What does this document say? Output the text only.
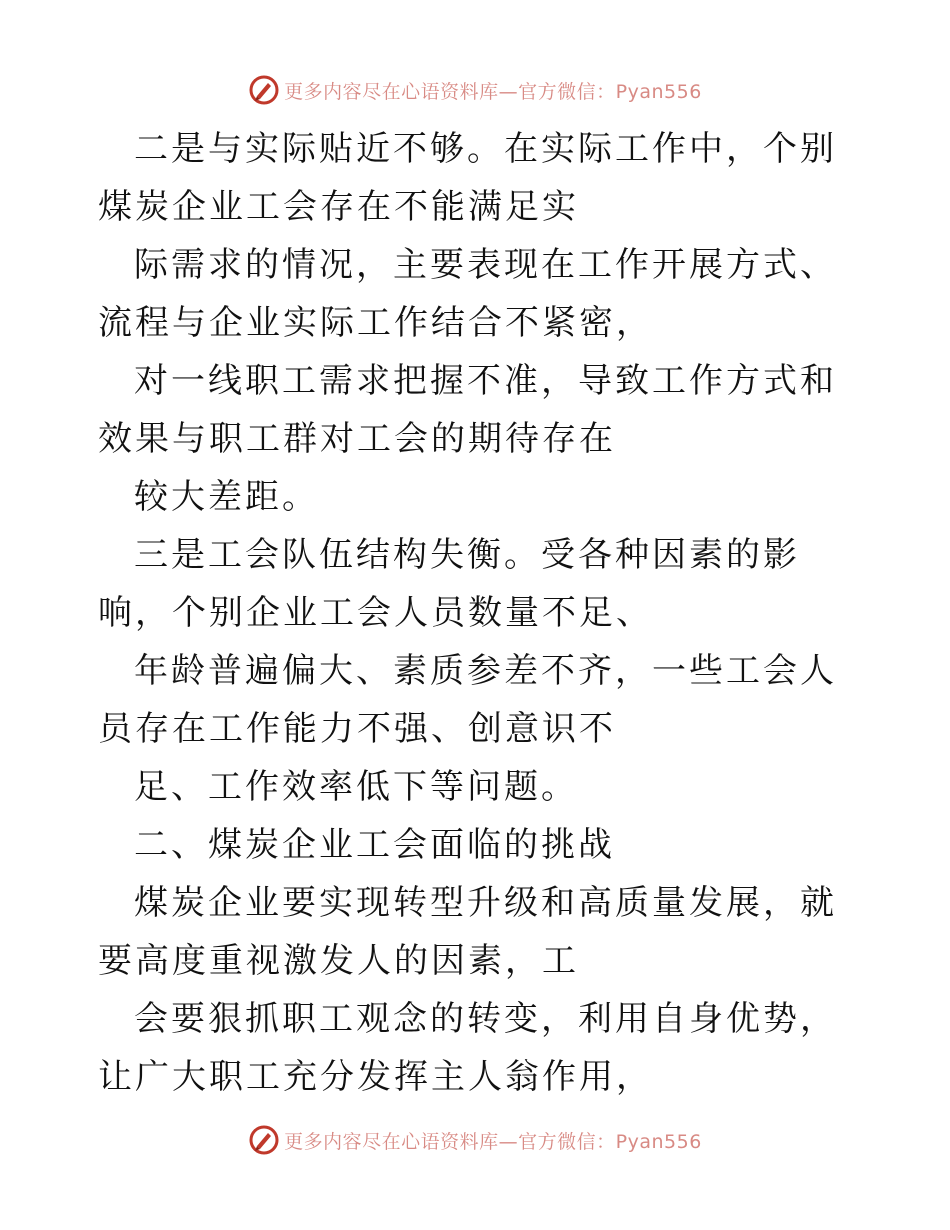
更多内容尽在心语资料库—官方微信：Pyan556

二是与实际贴近不够。在实际工作中，个别煤炭企业工会存在不能满足实

际需求的情况，主要表现在工作开展方式、流程与企业实际工作结合不紧密，

对一线职工需求把握不准，导致工作方式和效果与职工群对工会的期待存在

较大差距。

三是工会队伍结构失衡。受各种因素的影响，个别企业工会人员数量不足、

年龄普遍偏大、素质参差不齐，一些工会人员存在工作能力不强、创意识不

足、工作效率低下等问题。

二、煤炭企业工会面临的挑战

煤炭企业要实现转型升级和高质量发展，就要高度重视激发人的因素，工

会要狠抓职工观念的转变，利用自身优势，让广大职工充分发挥主人翁作用，

更多内容尽在心语资料库—官方微信：Pyan556
